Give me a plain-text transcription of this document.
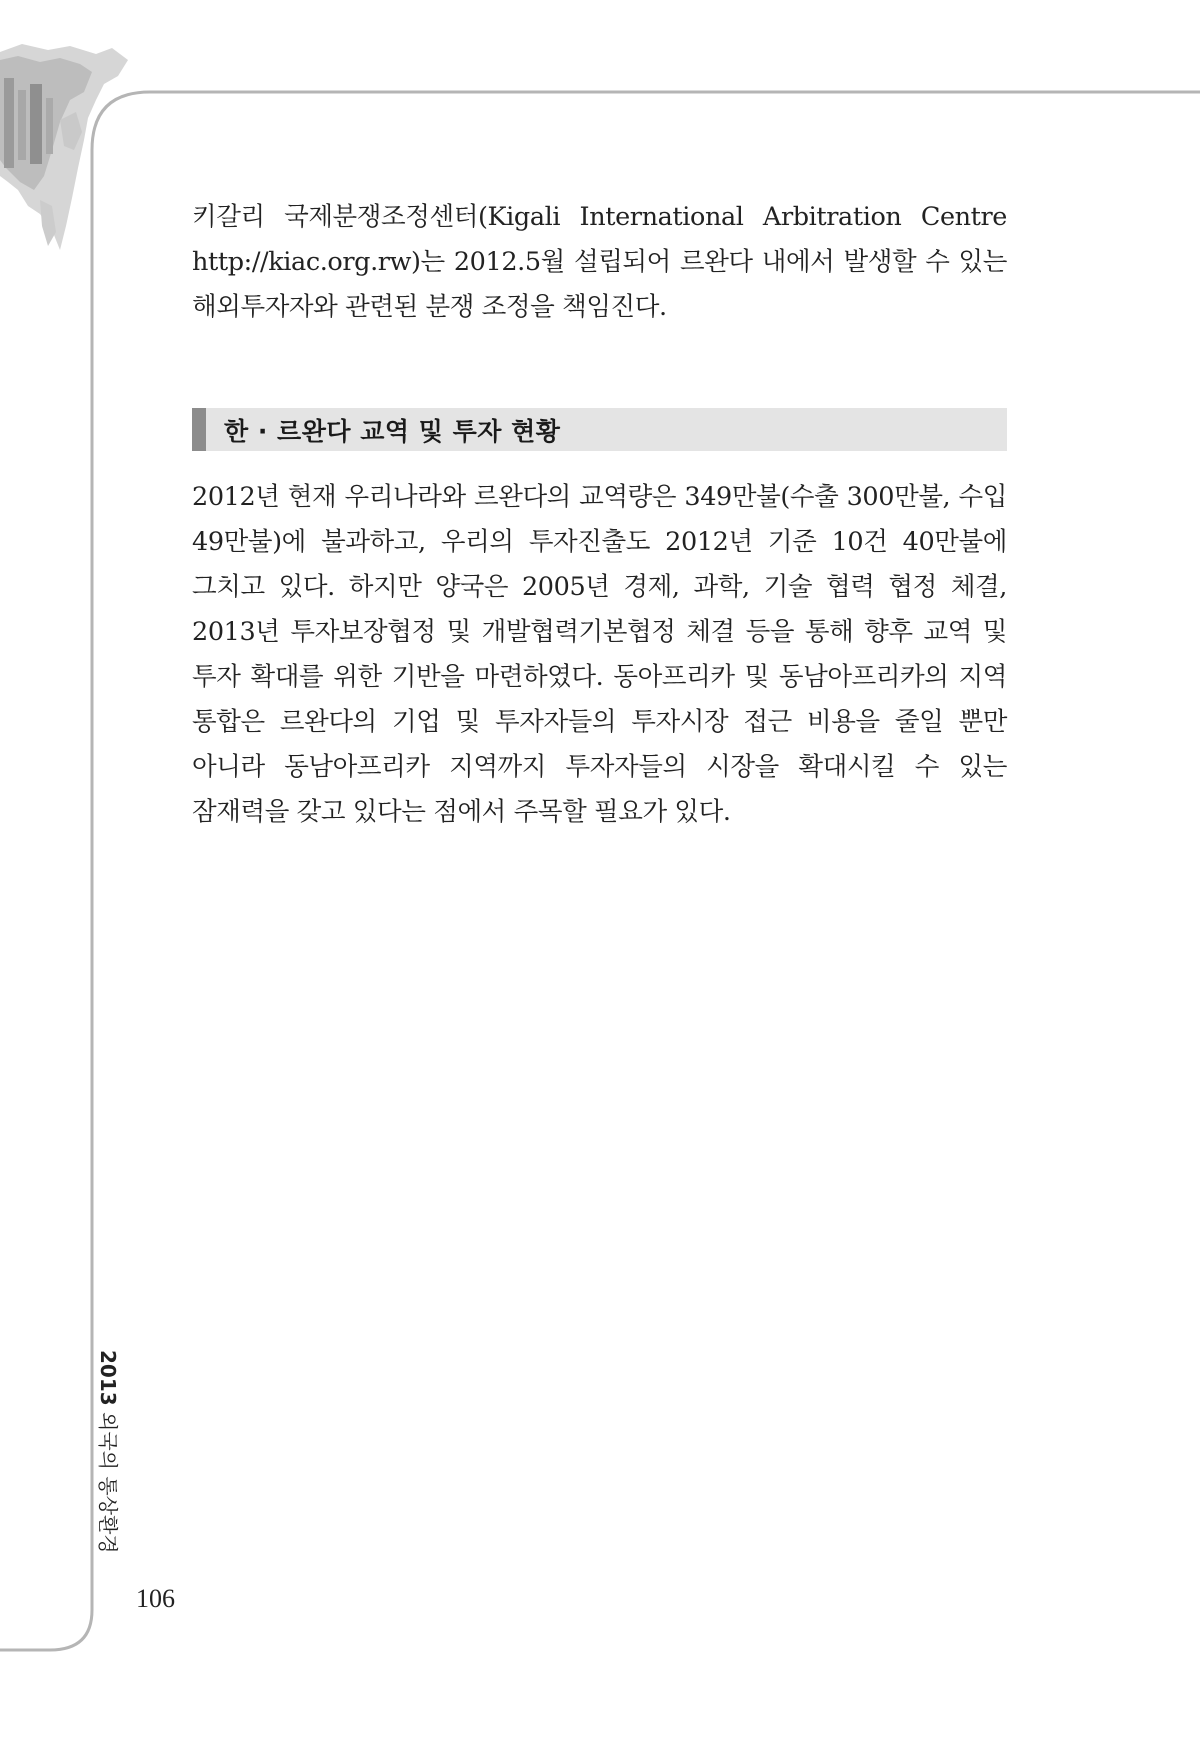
키갈리 국제분쟁조정센터(Kigali International Arbitration Centre http://kiac.org.rw)는 2012.5월 설립되어 르완다 내에서 발생할 수 있는 해외투자자와 관련된 분쟁 조정을 책임진다.

한 · 르완다 교역 및 투자 현황

2012년 현재 우리나라와 르완다의 교역량은 349만불(수출 300만불, 수입 49만불)에 불과하고, 우리의 투자진출도 2012년 기준 10건 40만불에 그치고 있다. 하지만 양국은 2005년 경제, 과학, 기술 협력 협정 체결, 2013년 투자보장협정 및 개발협력기본협정 체결 등을 통해 향후 교역 및 투자 확대를 위한 기반을 마련하였다. 동아프리카 및 동남아프리카의 지역 통합은 르완다의 기업 및 투자자들의 투자시장 접근 비용을 줄일 뿐만 아니라 동남아프리카 지역까지 투자자들의 시장을 확대시킬 수 있는 잠재력을 갖고 있다는 점에서 주목할 필요가 있다.

2013 외국의 통상환경
106
